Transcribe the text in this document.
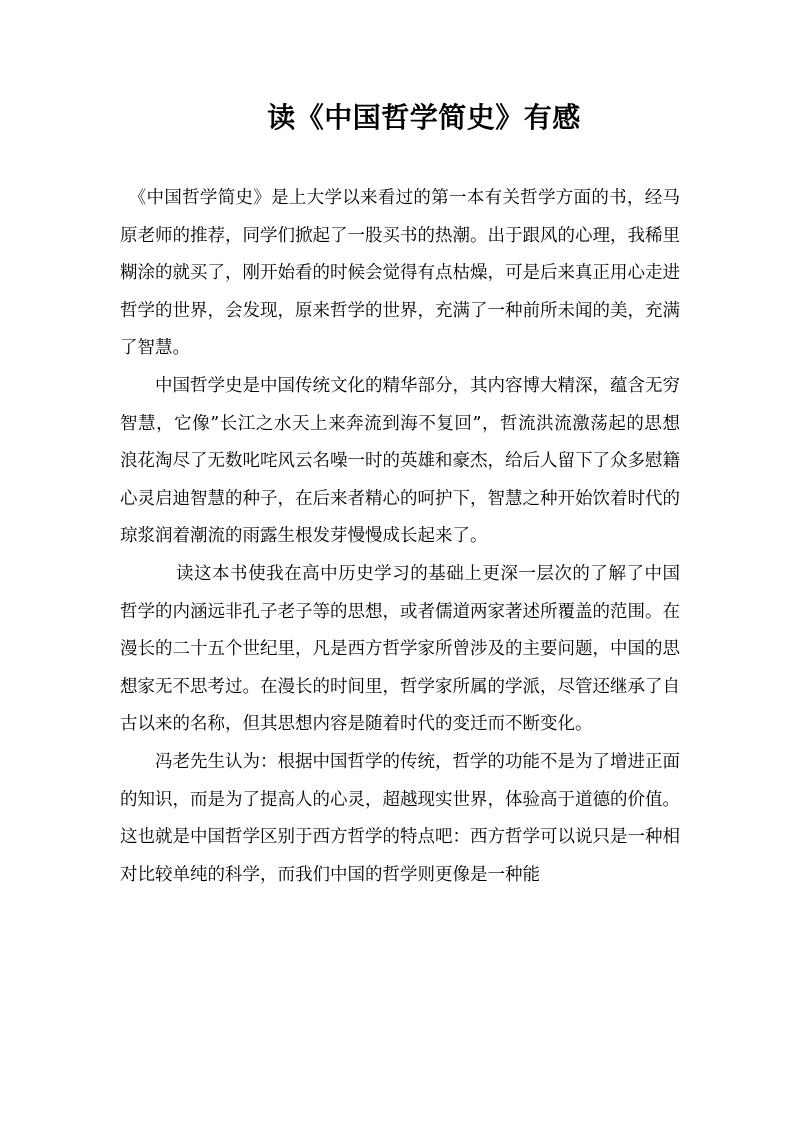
读《中国哲学简史》有感

《中国哲学简史》是上大学以来看过的第一本有关哲学方面的书，经马原老师的推荐，同学们掀起了一股买书的热潮。出于跟风的心理，我稀里糊涂的就买了，刚开始看的时候会觉得有点枯燥，可是后来真正用心走进哲学的世界，会发现，原来哲学的世界，充满了一种前所未闻的美，充满了智慧。

中国哲学史是中国传统文化的精华部分，其内容博大精深，蕴含无穷智慧，它像”长江之水天上来奔流到海不复回”，哲流洪流激荡起的思想浪花淘尽了无数叱咤风云名噪一时的英雄和豪杰，给后人留下了众多慰籍心灵启迪智慧的种子，在后来者精心的呵护下，智慧之种开始饮着时代的琼浆润着潮流的雨露生根发芽慢慢成长起来了。

读这本书使我在高中历史学习的基础上更深一层次的了解了中国哲学的内涵远非孔子老子等的思想，或者儒道两家著述所覆盖的范围。在漫长的二十五个世纪里，凡是西方哲学家所曾涉及的主要问题，中国的思想家无不思考过。在漫长的时间里，哲学家所属的学派，尽管还继承了自古以来的名称，但其思想内容是随着时代的变迁而不断变化。

冯老先生认为：根据中国哲学的传统，哲学的功能不是为了增进正面的知识，而是为了提高人的心灵，超越现实世界，体验高于道德的价值。这也就是中国哲学区别于西方哲学的特点吧：西方哲学可以说只是一种相对比较单纯的科学，而我们中国的哲学则更像是一种能
